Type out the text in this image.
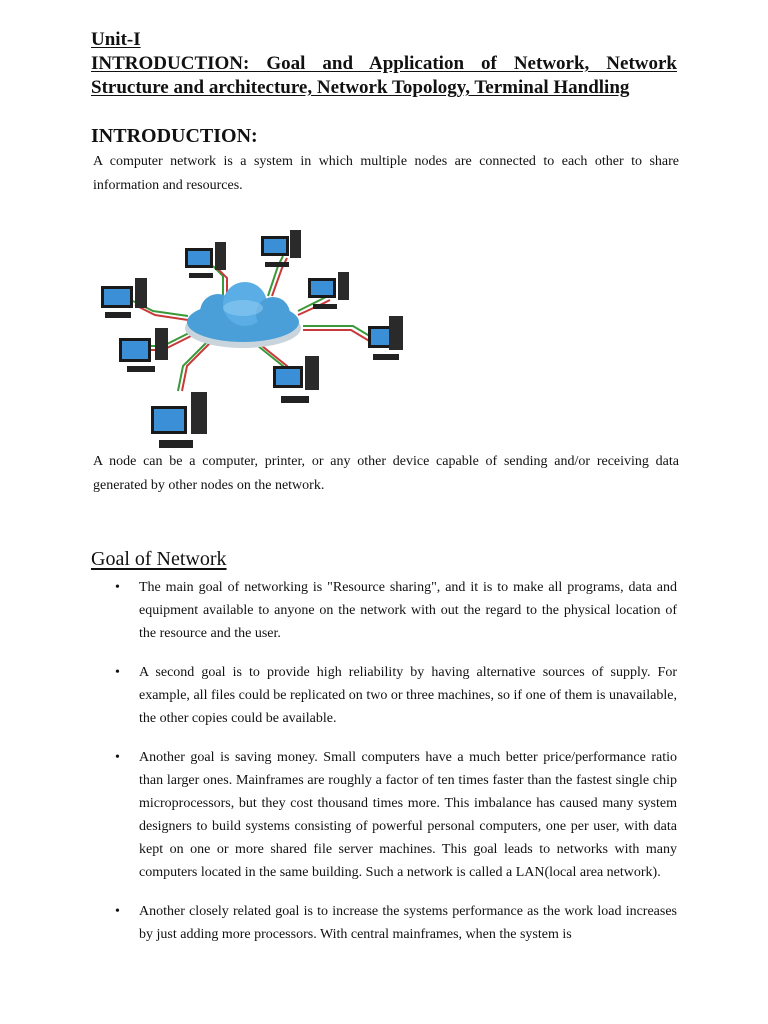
Unit-I
INTRODUCTION: Goal and Application of Network, Network
Structure and architecture, Network Topology, Terminal Handling
INTRODUCTION:

A computer network is a system in which multiple nodes are connected to each other to share information and resources.

A node can be a computer, printer, or any other device capable of sending and/or receiving data generated by other nodes on the network.

Goal of Network
• The main goal of networking is "Resource sharing", and it is to make all programs, data and equipment available to anyone on the network with out the regard to the physical location of the resource and the user.
• A second goal is to provide high reliability by having alternative sources of supply. For example, all files could be replicated on two or three machines, so if one of them is unavailable, the other copies could be available.
• Another goal is saving money. Small computers have a much better price/performance ratio than larger ones. Mainframes are roughly a factor of ten times faster than the fastest single chip microprocessors, but they cost thousand times more. This imbalance has caused many system designers to build systems consisting of powerful personal computers, one per user, with data kept on one or more shared file server machines. This goal leads to networks with many computers located in the same building. Such a network is called a LAN(local area network).
• Another closely related goal is to increase the systems performance as the work load increases by just adding more processors. With central mainframes, when the system is
